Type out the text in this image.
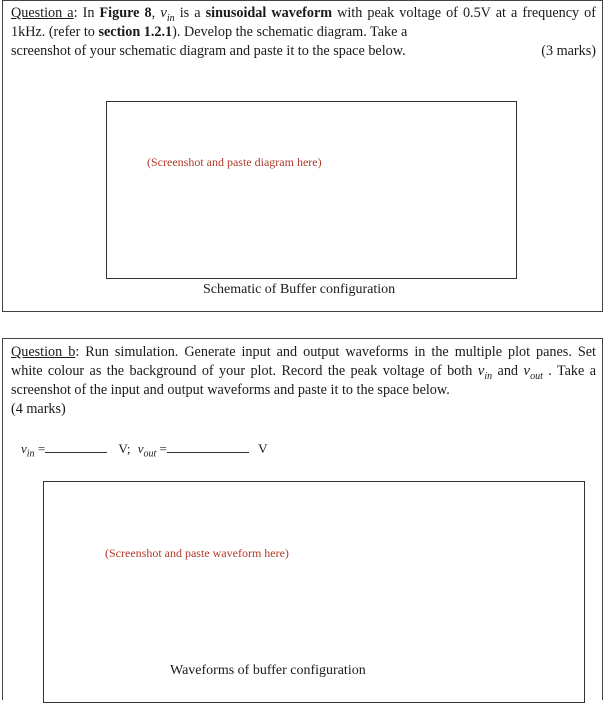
Question a: In Figure 8, $v_{in}$ is a sinusoidal waveform with peak voltage of 0.5V at a frequency of 1kHz. (refer to section 1.2.1). Develop the schematic diagram. Take a
screenshot of your schematic diagram and paste it to the space below.	(3 marks)
(Screenshot and paste diagram here)
Schematic of Buffer configuration
Question b: Run simulation. Generate input and output waveforms in the multiple plot panes. Set white colour as the background of your plot. Record the peak voltage of both $v_{in}$ and $v_{out}$ . Take a screenshot of the input and output waveforms and paste it to the space below.
(4 marks)
$v_{in}$ =	V; $v_{out}$ =	V
(Screenshot and paste waveform here)
Waveforms of buffer configuration
